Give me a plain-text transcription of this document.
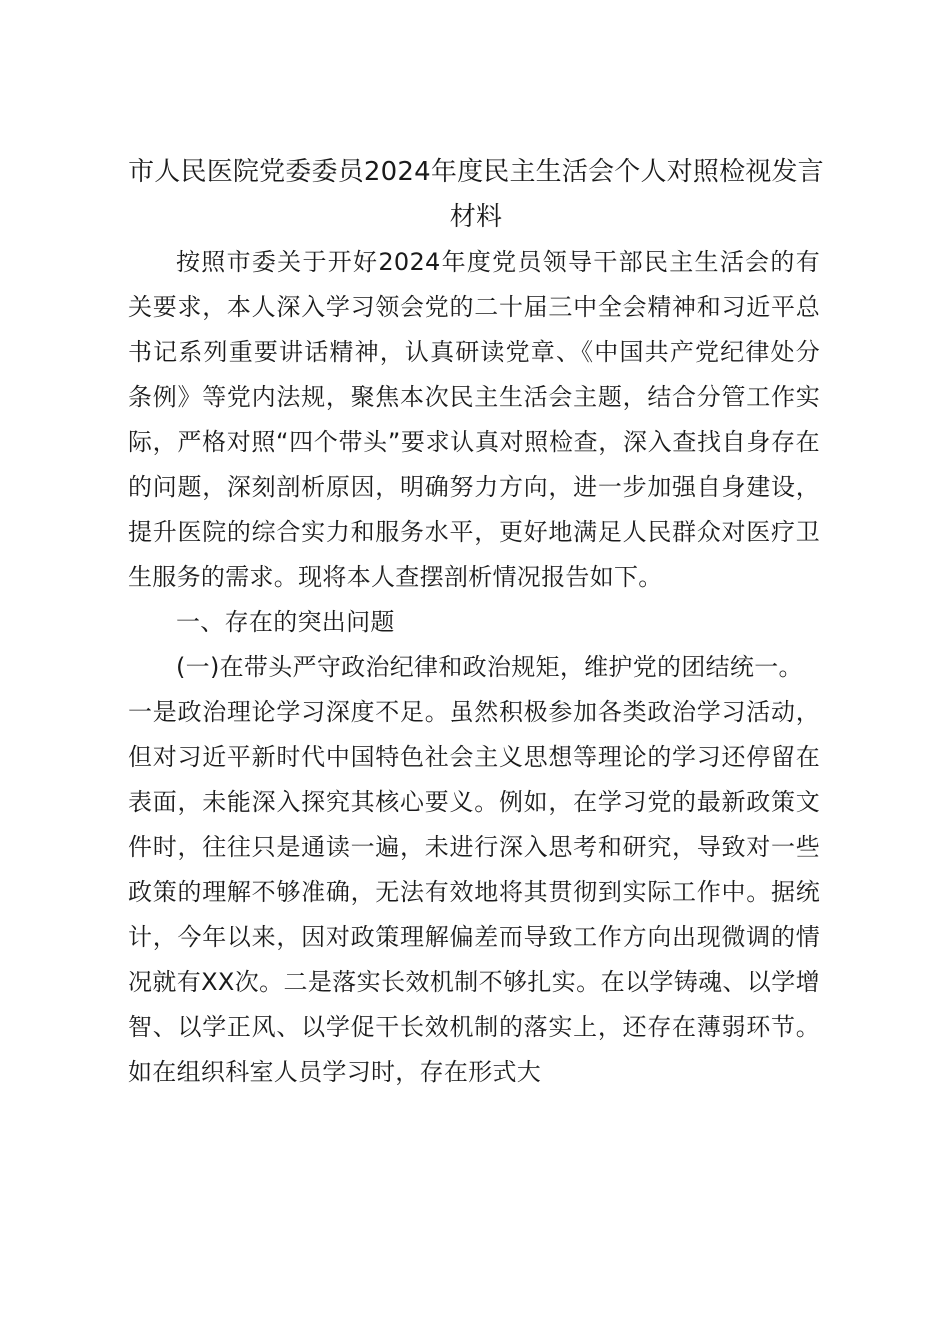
市人民医院党委委员2024年度民主生活会个人对照检视发言材料

按照市委关于开好2024年度党员领导干部民主生活会的有关要求，本人深入学习领会党的二十届三中全会精神和习近平总书记系列重要讲话精神，认真研读党章、《中国共产党纪律处分条例》等党内法规，聚焦本次民主生活会主题，结合分管工作实际，严格对照“四个带头”要求认真对照检查，深入查找自身存在的问题，深刻剖析原因，明确努力方向，进一步加强自身建设，提升医院的综合实力和服务水平，更好地满足人民群众对医疗卫生服务的需求。现将本人查摆剖析情况报告如下。

一、存在的突出问题

(一)在带头严守政治纪律和政治规矩，维护党的团结统一。

一是政治理论学习深度不足。虽然积极参加各类政治学习活动，但对习近平新时代中国特色社会主义思想等理论的学习还停留在表面，未能深入探究其核心要义。例如，在学习党的最新政策文件时，往往只是通读一遍，未进行深入思考和研究，导致对一些政策的理解不够准确，无法有效地将其贯彻到实际工作中。据统计，今年以来，因对政策理解偏差而导致工作方向出现微调的情况就有XX次。二是落实长效机制不够扎实。在以学铸魂、以学增智、以学正风、以学促干长效机制的落实上，还存在薄弱环节。如在组织科室人员学习时，存在形式大
